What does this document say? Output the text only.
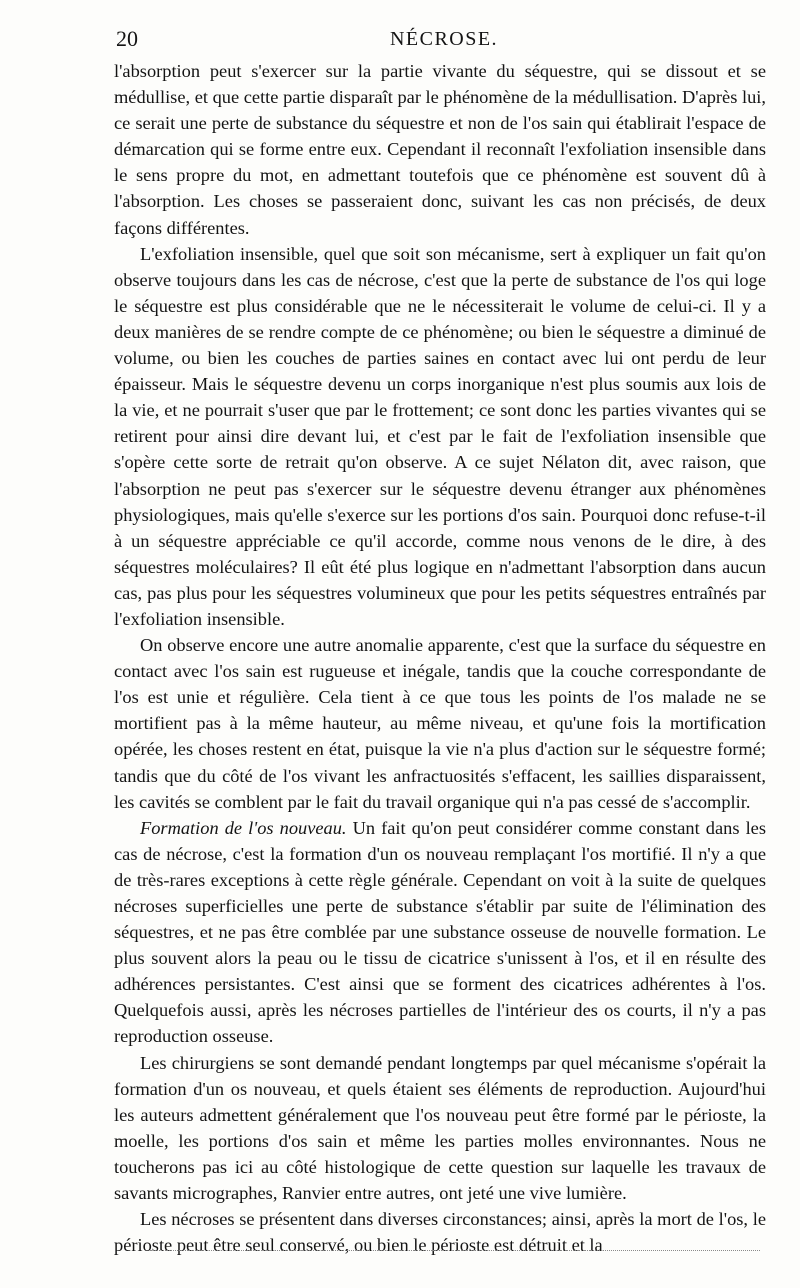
20	NÉCROSE.

l'absorption peut s'exercer sur la partie vivante du séquestre, qui se dissout et se médullise, et que cette partie disparaît par le phénomène de la médullisation. D'après lui, ce serait une perte de substance du séquestre et non de l'os sain qui établirait l'espace de démarcation qui se forme entre eux. Cependant il reconnaît l'exfoliation insensible dans le sens propre du mot, en admettant toutefois que ce phénomène est souvent dû à l'absorption. Les choses se passeraient donc, suivant les cas non précisés, de deux façons différentes.

L'exfoliation insensible, quel que soit son mécanisme, sert à expliquer un fait qu'on observe toujours dans les cas de nécrose, c'est que la perte de substance de l'os qui loge le séquestre est plus considérable que ne le nécessiterait le volume de celui-ci. Il y a deux manières de se rendre compte de ce phénomène; ou bien le séquestre a diminué de volume, ou bien les couches de parties saines en contact avec lui ont perdu de leur épaisseur. Mais le séquestre devenu un corps inorganique n'est plus soumis aux lois de la vie, et ne pourrait s'user que par le frottement; ce sont donc les parties vivantes qui se retirent pour ainsi dire devant lui, et c'est par le fait de l'exfoliation insensible que s'opère cette sorte de retrait qu'on observe. A ce sujet Nélaton dit, avec raison, que l'absorption ne peut pas s'exercer sur le séquestre devenu étranger aux phénomènes physiologiques, mais qu'elle s'exerce sur les portions d'os sain. Pourquoi donc refuse-t-il à un séquestre appréciable ce qu'il accorde, comme nous venons de le dire, à des séquestres moléculaires? Il eût été plus logique en n'admettant l'absorption dans aucun cas, pas plus pour les séquestres volumineux que pour les petits séquestres entraînés par l'exfoliation insensible.

On observe encore une autre anomalie apparente, c'est que la surface du séquestre en contact avec l'os sain est rugueuse et inégale, tandis que la couche correspondante de l'os est unie et régulière. Cela tient à ce que tous les points de l'os malade ne se mortifient pas à la même hauteur, au même niveau, et qu'une fois la mortification opérée, les choses restent en état, puisque la vie n'a plus d'action sur le séquestre formé; tandis que du côté de l'os vivant les anfractuosités s'effacent, les saillies disparaissent, les cavités se comblent par le fait du travail organique qui n'a pas cessé de s'accomplir.

Formation de l'os nouveau. Un fait qu'on peut considérer comme constant dans les cas de nécrose, c'est la formation d'un os nouveau remplaçant l'os mortifié. Il n'y a que de très-rares exceptions à cette règle générale. Cependant on voit à la suite de quelques nécroses superficielles une perte de substance s'établir par suite de l'élimination des séquestres, et ne pas être comblée par une substance osseuse de nouvelle formation. Le plus souvent alors la peau ou le tissu de cicatrice s'unissent à l'os, et il en résulte des adhérences persistantes. C'est ainsi que se forment des cicatrices adhérentes à l'os. Quelquefois aussi, après les nécroses partielles de l'intérieur des os courts, il n'y a pas reproduction osseuse.

Les chirurgiens se sont demandé pendant longtemps par quel mécanisme s'opérait la formation d'un os nouveau, et quels étaient ses éléments de reproduction. Aujourd'hui les auteurs admettent généralement que l'os nouveau peut être formé par le périoste, la moelle, les portions d'os sain et même les parties molles environnantes. Nous ne toucherons pas ici au côté histologique de cette question sur laquelle les travaux de savants micrographes, Ranvier entre autres, ont jeté une vive lumière.

Les nécroses se présentent dans diverses circonstances; ainsi, après la mort de l'os, le périoste peut être seul conservé, ou bien le périoste est détruit et la
